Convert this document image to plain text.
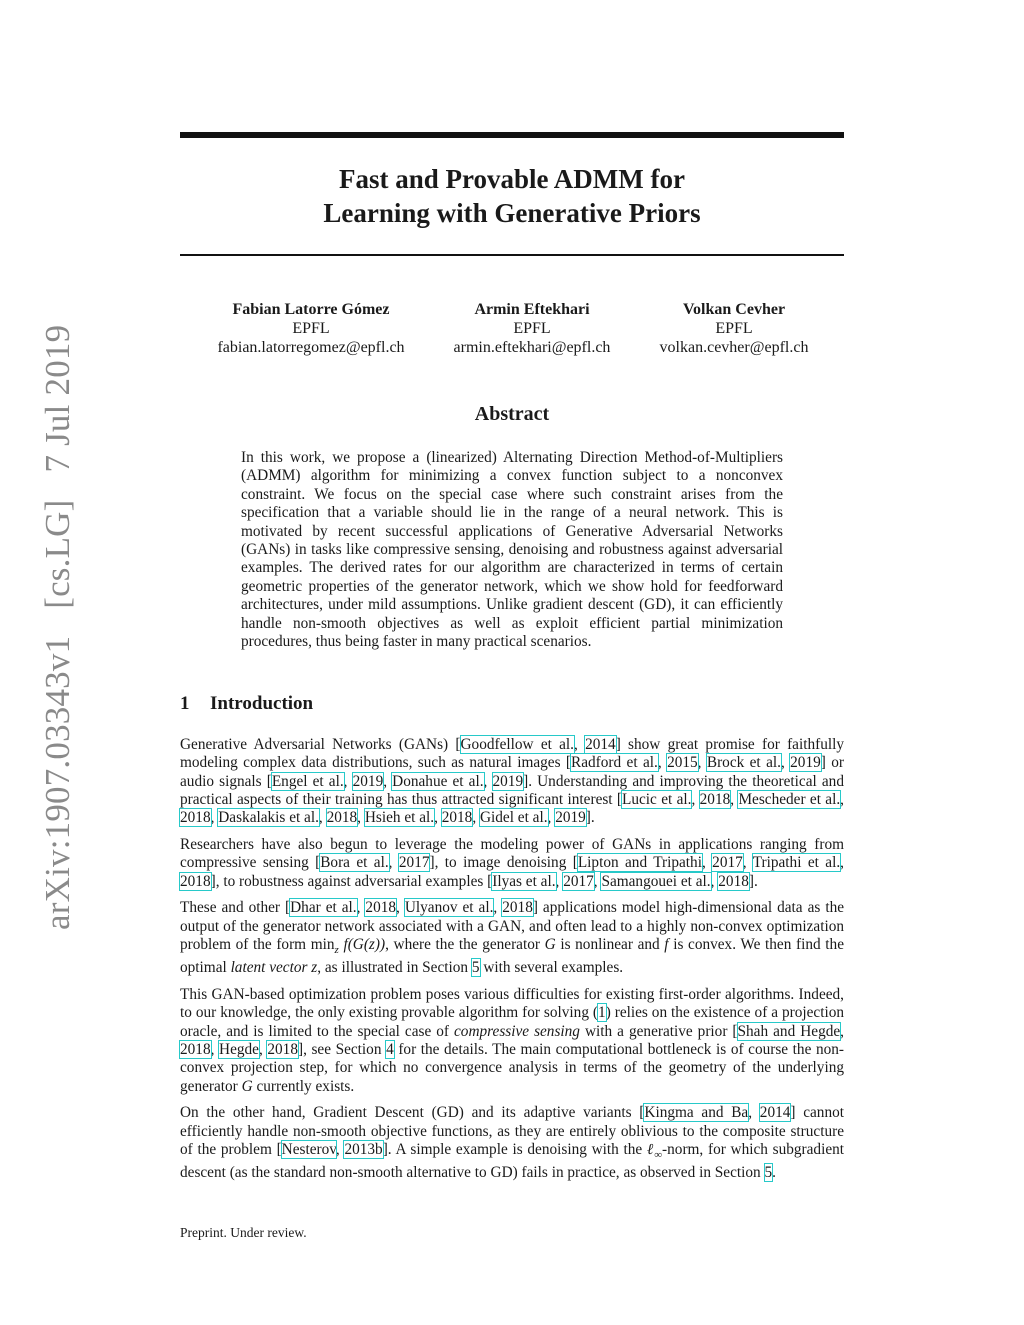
arXiv:1907.03343v1 [cs.LG] 7 Jul 2019
Fast and Provable ADMM for
Learning with Generative Priors
Fabian Latorre Gómez
EPFL
fabian.latorregomez@epfl.ch
Armin Eftekhari
EPFL
armin.eftekhari@epfl.ch
Volkan Cevher
EPFL
volkan.cevher@epfl.ch
Abstract
In this work, we propose a (linearized) Alternating Direction Method-of-Multipliers (ADMM) algorithm for minimizing a convex function subject to a nonconvex constraint. We focus on the special case where such constraint arises from the specification that a variable should lie in the range of a neural network. This is motivated by recent successful applications of Generative Adversarial Networks (GANs) in tasks like compressive sensing, denoising and robustness against adversarial examples. The derived rates for our algorithm are characterized in terms of certain geometric properties of the generator network, which we show hold for feedforward architectures, under mild assumptions. Unlike gradient descent (GD), it can efficiently handle non-smooth objectives as well as exploit efficient partial minimization procedures, thus being faster in many practical scenarios.
1 Introduction

Generative Adversarial Networks (GANs) [Goodfellow et al., 2014] show great promise for faithfully modeling complex data distributions, such as natural images [Radford et al., 2015, Brock et al., 2019] or audio signals [Engel et al., 2019, Donahue et al., 2019]. Understanding and improving the theoretical and practical aspects of their training has thus attracted significant interest [Lucic et al., 2018, Mescheder et al., 2018, Daskalakis et al., 2018, Hsieh et al., 2018, Gidel et al., 2019].

Researchers have also begun to leverage the modeling power of GANs in applications ranging from compressive sensing [Bora et al., 2017], to image denoising [Lipton and Tripathi, 2017, Tripathi et al., 2018], to robustness against adversarial examples [Ilyas et al., 2017, Samangouei et al., 2018].

These and other [Dhar et al., 2018, Ulyanov et al., 2018] applications model high-dimensional data as the output of the generator network associated with a GAN, and often lead to a highly non-convex optimization problem of the form $\min_z f(G(z))$, where the the generator G is nonlinear and f is convex. We then find the optimal latent vector z, as illustrated in Section 5 with several examples.

This GAN-based optimization problem poses various difficulties for existing first-order algorithms. Indeed, to our knowledge, the only existing provable algorithm for solving (1) relies on the existence of a projection oracle, and is limited to the special case of compressive sensing with a generative prior [Shah and Hegde, 2018, Hegde, 2018], see Section 4 for the details. The main computational bottleneck is of course the non-convex projection step, for which no convergence analysis in terms of the geometry of the underlying generator G currently exists.

On the other hand, Gradient Descent (GD) and its adaptive variants [Kingma and Ba, 2014] cannot efficiently handle non-smooth objective functions, as they are entirely oblivious to the composite structure of the problem [Nesterov, 2013b]. A simple example is denoising with the ℓ$_\infty$-norm, for which subgradient descent (as the standard non-smooth alternative to GD) fails in practice, as observed in Section 5.

Preprint. Under review.
